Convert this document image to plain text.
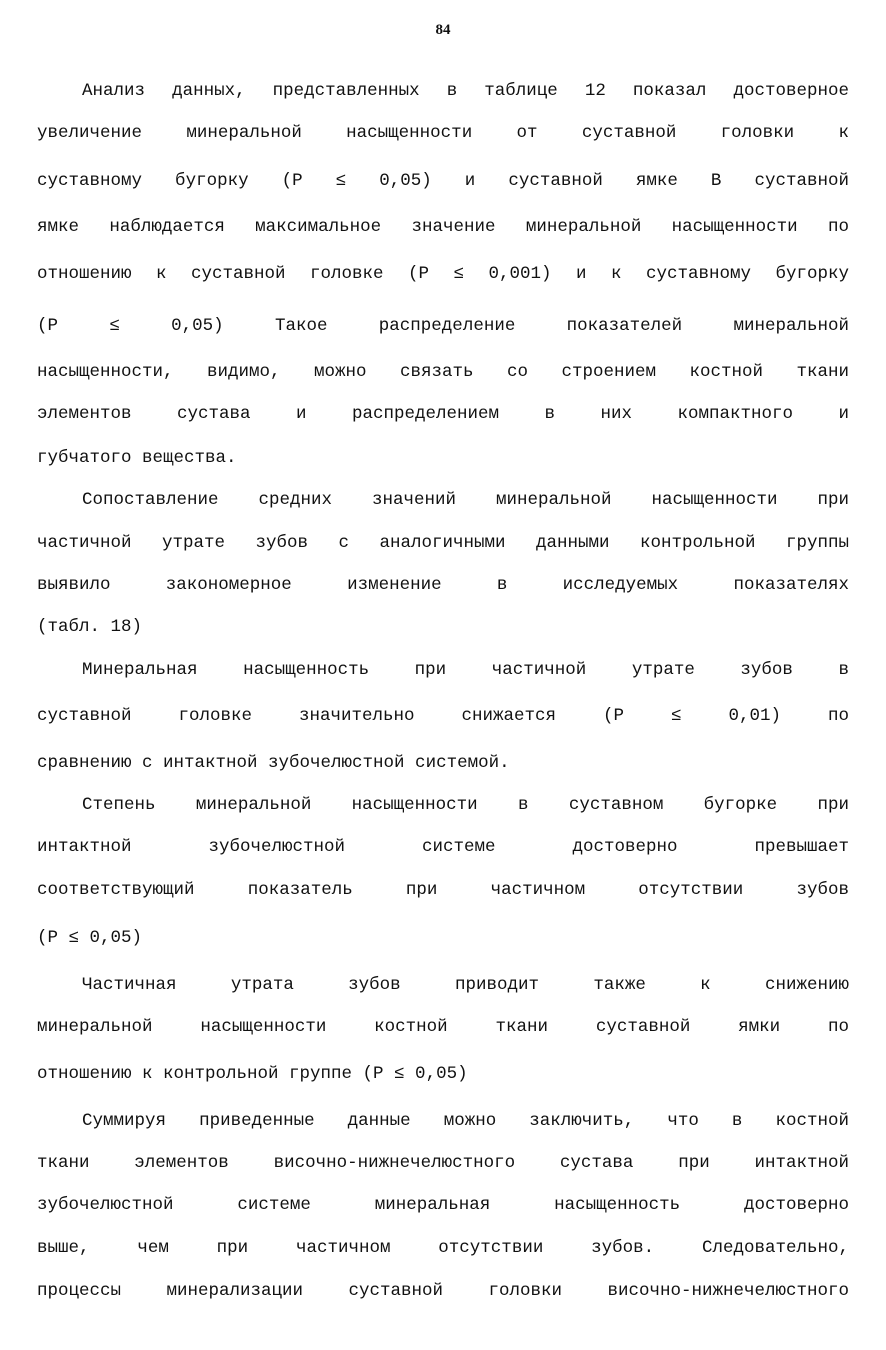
84
Анализ данных, представленных в таблице 12 показал достоверное
увеличение минеральной насыщенности от суставной головки к
суставному бугорку (P ≤ 0,05) и суставной ямке В суставной
ямке наблюдается максимальное значение минеральной насыщенности по
отношению к суставной головке (P ≤ 0,001) и к суставному бугорку
(P ≤ 0,05) Такое распределение показателей минеральной
насыщенности, видимо, можно связать со строением костной ткани
элементов сустава и распределением в них компактного и
губчатого вещества.
Сопоставление средних значений минеральной насыщенности при
частичной утрате зубов с аналогичными данными контрольной группы
выявило закономерное изменение в исследуемых показателях
(табл. 18)
Минеральная насыщенность при частичной утрате зубов в
суставной головке значительно снижается (P ≤ 0,01) по
сравнению с интактной зубочелюстной системой.
Степень минеральной насыщенности в суставном бугорке при
интактной зубочелюстной системе достоверно превышает
соответствующий показатель при частичном отсутствии зубов
(P ≤ 0,05)
Частичная утрата зубов приводит также к снижению
минеральной насыщенности костной ткани суставной ямки по
отношению к контрольной группе (P ≤ 0,05)
Суммируя приведенные данные можно заключить, что в костной
ткани элементов височно-нижнечелюстного сустава при интактной
зубочелюстной системе минеральная насыщенность достоверно
выше, чем при частичном отсутствии зубов. Следовательно,
процессы минерализации суставной головки височно-нижнечелюстного
